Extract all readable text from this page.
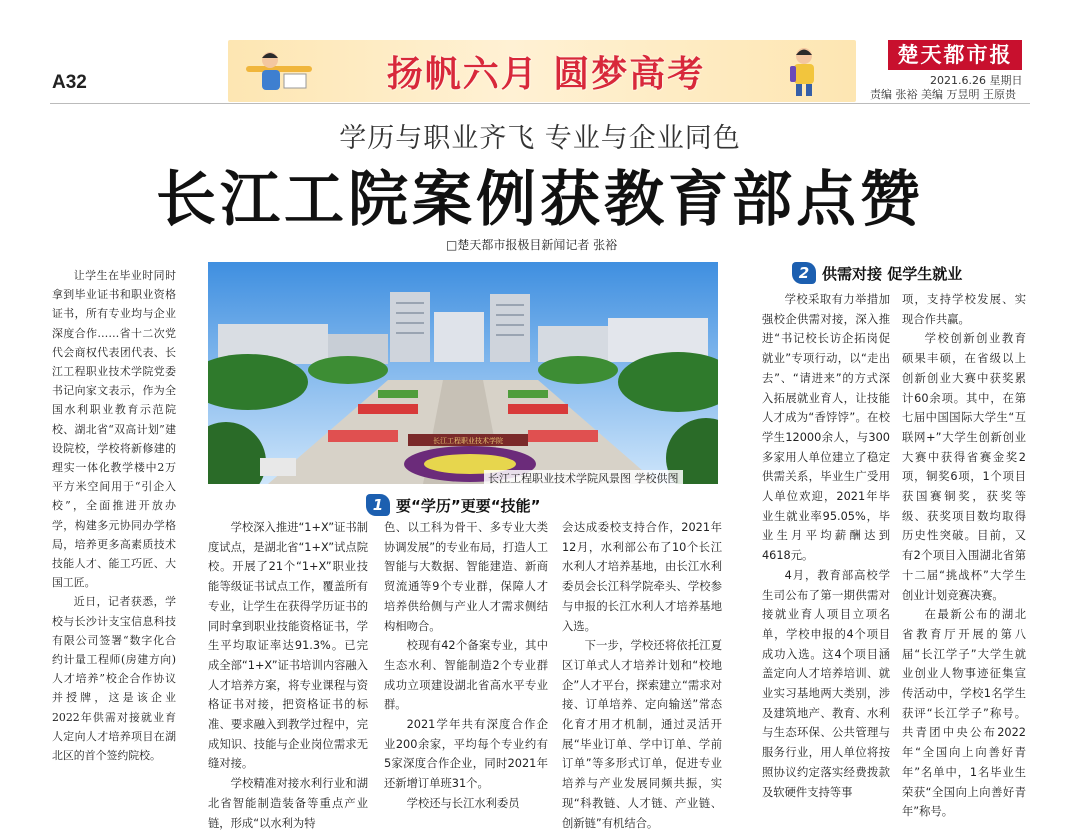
A32	扬帆六月 圆梦高考	楚天都市报
2021.6.26 星期日
责编 张裕 美编 万昱明 王原贵
学历与职业齐飞 专业与企业同色
长江工院案例获教育部点赞
□楚天都市报极目新闻记者 张裕

让学生在毕业时同时拿到毕业证书和职业资格证书，所有专业均与企业深度合作……省十二次党代会商权代表团代表、长江工程职业技术学院党委书记向家文表示，作为全国水利职业教育示范院校、湖北省“双高计划”建设院校，学校将新修建的理实一体化教学楼中2万平方米空间用于“引企入校”，全面推进开放办学，构建多元协同办学格局，培养更多高素质技术技能人才、能工巧匠、大国工匠。

近日，记者获悉，学校与长沙计支宝信息科技有限公司签署“数字化合约计量工程师(房建方向)人才培养”校企合作协议并授牌，这是该企业2022年供需对接就业育人定向人才培养项目在湖北区的首个签约院校。

长江工程职业技术学院
长江工程职业技术学院风景图 学校供图
1 要“学历”更要“技能”

学校深入推进“1+X”证书制度试点，是湖北省“1+X”试点院校。开展了21个“1+X”职业技能等级证书试点工作，覆盖所有专业，让学生在获得学历证书的同时拿到职业技能资格证书，学生平均取证率达91.3%。已完成全部“1+X”证书培训内容融入人才培养方案，将专业课程与资格证书对接，把资格证书的标准、要求融入到教学过程中，完成知识、技能与企业岗位需求无缝对接。

学校精准对接水利行业和湖北省智能制造装备等重点产业链，形成“以水利为特

色、以工科为骨干、多专业大类协调发展”的专业布局，打造人工智能与大数据、智能建造、新商贸流通等9个专业群，保障人才培养供给侧与产业人才需求侧结构相吻合。

校现有42个备案专业，其中生态水利、智能制造2个专业群成功立项建设湖北省高水平专业群。

2021学年共有深度合作企业200余家，平均每个专业约有5家深度合作企业，同时2021年还新增订单班31个。

学校还与长江水利委员

会达成委校支持合作，2021年12月，水利部公布了10个长江水利人才培养基地，由长江水利委员会长江科学院牵头、学校参与申报的长江水利人才培养基地入选。

下一步，学校还将依托江夏区订单式人才培养计划和“校地企”人才平台，探索建立“需求对接、订单培养、定向输送”常态化育才用才机制，通过灵活开展“毕业订单、学中订单、学前订单”等多形式订单，促进专业培养与产业发展同频共振，实现“科教链、人才链、产业链、创新链”有机结合。

2 供需对接 促学生就业

学校采取有力举措加强校企供需对接，深入推进“书记校长访企拓岗促就业”专项行动，以“走出去”、“请进来”的方式深入拓展就业育人，让技能人才成为“香饽饽”。在校学生12000余人，与300多家用人单位建立了稳定供需关系，毕业生广受用人单位欢迎，2021年毕业生就业率95.05%，毕业生月平均薪酬达到4618元。

4月，教育部高校学生司公布了第一期供需对接就业育人项目立项名单，学校申报的4个项目成功入选。这4个项目涵盖定向人才培养培训、就业实习基地两大类别，涉及建筑地产、教育、水利与生态环保、公共管理与服务行业，用人单位将按照协议约定落实经费拨款及软硬件支持等事

项，支持学校发展、实现合作共赢。

学校创新创业教育硕果丰硕，在省级以上创新创业大赛中获奖累计60余项。其中，在第七届中国国际大学生“互联网+”大学生创新创业大赛中获得省赛金奖2项，铜奖6项，1个项目获国赛铜奖，获奖等级、获奖项目数均取得历史性突破。目前，又有2个项目入围湖北省第十二届“挑战杯”大学生创业计划竞赛决赛。

在最新公布的湖北省教育厅开展的第八届“长江学子”大学生就业创业人物事迹征集宣传活动中，学校1名学生获评“长江学子”称号。共青团中央公布2022年“全国向上向善好青年”名单中，1名毕业生荣获“全国向上向善好青年”称号。
